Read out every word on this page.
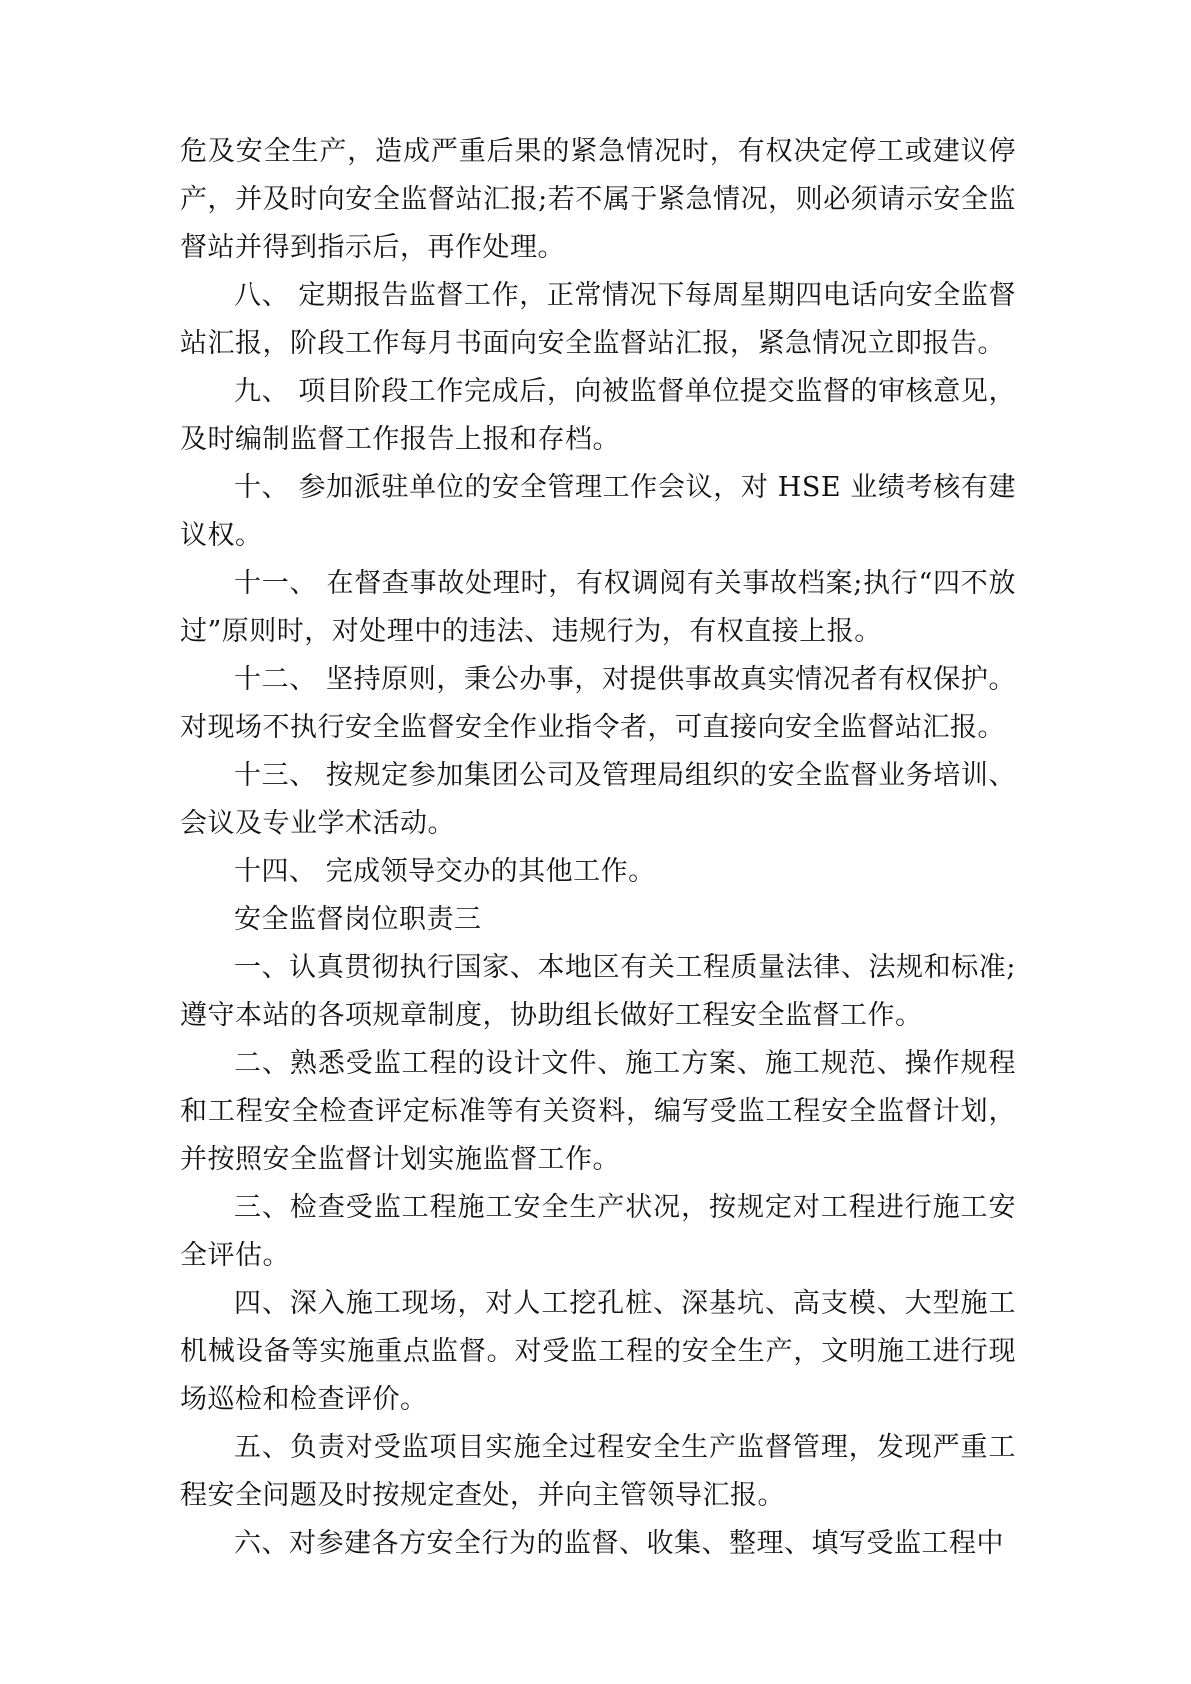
危及安全生产，造成严重后果的紧急情况时，有权决定停工或建议停产，并及时向安全监督站汇报;若不属于紧急情况，则必须请示安全监督站并得到指示后，再作处理。

八、 定期报告监督工作，正常情况下每周星期四电话向安全监督站汇报，阶段工作每月书面向安全监督站汇报，紧急情况立即报告。

九、 项目阶段工作完成后，向被监督单位提交监督的审核意见，及时编制监督工作报告上报和存档。

十、 参加派驻单位的安全管理工作会议，对 HSE 业绩考核有建议权。

十一、 在督查事故处理时，有权调阅有关事故档案;执行“四不放过”原则时，对处理中的违法、违规行为，有权直接上报。

十二、 坚持原则，秉公办事，对提供事故真实情况者有权保护。对现场不执行安全监督安全作业指令者，可直接向安全监督站汇报。

十三、 按规定参加集团公司及管理局组织的安全监督业务培训、会议及专业学术活动。

十四、 完成领导交办的其他工作。

安全监督岗位职责三

一、认真贯彻执行国家、本地区有关工程质量法律、法规和标准;遵守本站的各项规章制度，协助组长做好工程安全监督工作。

二、熟悉受监工程的设计文件、施工方案、施工规范、操作规程和工程安全检查评定标准等有关资料，编写受监工程安全监督计划，并按照安全监督计划实施监督工作。

三、检查受监工程施工安全生产状况，按规定对工程进行施工安全评估。

四、深入施工现场，对人工挖孔桩、深基坑、高支模、大型施工机械设备等实施重点监督。对受监工程的安全生产，文明施工进行现场巡检和检查评价。

五、负责对受监项目实施全过程安全生产监督管理，发现严重工程安全问题及时按规定查处，并向主管领导汇报。

六、对参建各方安全行为的监督、收集、整理、填写受监工程中
